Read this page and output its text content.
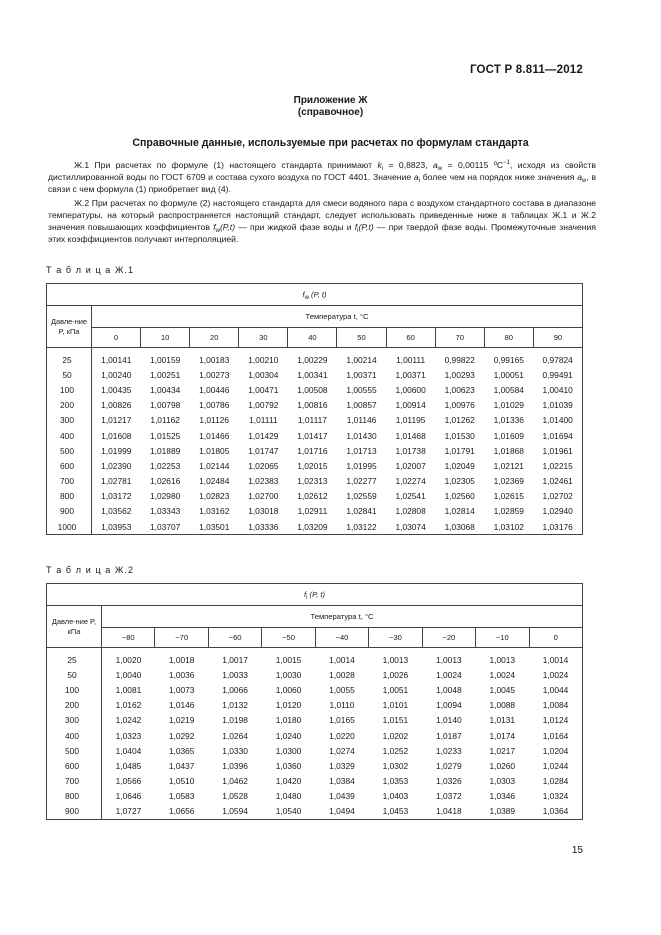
ГОСТ Р 8.811—2012
Приложение Ж
(справочное)
Справочные данные, используемые при расчетах по формулам стандарта
Ж.1 При расчетах по формуле (1) настоящего стандарта принимают $k_i = 0,8823$, $a_w = 0,00115$ ºC$^{-1}$, исходя из свойств дистиллированной воды по ГОСТ 6709 и состава сухого воздуха по ГОСТ 4401. Значение $a_i$ более чем на порядок ниже значения $a_w$, в связи с чем формула (1) приобретает вид (4).
Ж.2 При расчетах по формуле (2) настоящего стандарта для смеси водяного пара с воздухом стандартного состава в диапазоне температуры, на который распространяется настоящий стандарт, следует использовать приведенные ниже в таблицах Ж.1 и Ж.2 значения повышающих коэффициентов $f_w(P,t)$ — при жидкой фазе воды и $f_i(P,t)$ — при твердой фазе воды. Промежуточные значения этих коэффициентов получают интерполяцией.
Т а б л и ц а Ж.1
$f_w$ (P, t)										
Давле-ние P, кПа	Температура t, °C									
	0	10	20	30	40	50	60	70	80	90
25	1,00141	1,00159	1,00183	1,00210	1,00229	1,00214	1,00111	0,99822	0,99165	0,97824
50	1,00240	1,00251	1,00273	1,00304	1,00341	1,00371	1,00371	1,00293	1,00051	0,99491
100	1,00435	1,00434	1,00446	1,00471	1,00508	1,00555	1,00600	1,00623	1,00584	1,00410
200	1,00826	1,00798	1,00786	1,00792	1,00816	1,00857	1,00914	1,00976	1,01029	1,01039
300	1,01217	1,01162	1,01126	1,01111	1,01117	1,01146	1,01195	1,01262	1,01336	1,01400
400	1,01608	1,01525	1,01466	1,01429	1,01417	1,01430	1,01468	1,01530	1,01609	1,01694
500	1,01999	1,01889	1,01805	1,01747	1,01716	1,01713	1,01738	1,01791	1,01868	1,01961
600	1,02390	1,02253	1,02144	1,02065	1,02015	1,01995	1,02007	1,02049	1,02121	1,02215
700	1,02781	1,02616	1,02484	1,02383	1,02313	1,02277	1,02274	1,02305	1,02369	1,02461
800	1,03172	1,02980	1,02823	1,02700	1,02612	1,02559	1,02541	1,02560	1,02615	1,02702
900	1,03562	1,03343	1,03162	1,03018	1,02911	1,02841	1,02808	1,02814	1,02859	1,02940
1000	1,03953	1,03707	1,03501	1,03336	1,03209	1,03122	1,03074	1,03068	1,03102	1,03176
Т а б л и ц а Ж.2
$f_i$ (P, t)									
Давле-ние P, кПа	Температура t, °C								
	−80	−70	−60	−50	−40	−30	−20	−10	0
25	1,0020	1,0018	1,0017	1,0015	1,0014	1,0013	1,0013	1,0013	1,0014
50	1,0040	1,0036	1,0033	1,0030	1,0028	1,0026	1,0024	1,0024	1,0024
100	1,0081	1,0073	1,0066	1,0060	1,0055	1,0051	1,0048	1,0045	1,0044
200	1,0162	1,0146	1,0132	1,0120	1,0110	1,0101	1,0094	1,0088	1,0084
300	1,0242	1,0219	1,0198	1,0180	1,0165	1,0151	1,0140	1,0131	1,0124
400	1,0323	1,0292	1,0264	1,0240	1,0220	1,0202	1,0187	1,0174	1,0164
500	1,0404	1,0365	1,0330	1,0300	1,0274	1,0252	1,0233	1,0217	1,0204
600	1,0485	1,0437	1,0396	1,0360	1,0329	1,0302	1,0279	1,0260	1,0244
700	1,0566	1,0510	1,0462	1,0420	1,0384	1,0353	1,0326	1,0303	1,0284
800	1,0646	1,0583	1,0528	1,0480	1,0439	1,0403	1,0372	1,0346	1,0324
900	1,0727	1,0656	1,0594	1,0540	1,0494	1,0453	1,0418	1,0389	1,0364
15
